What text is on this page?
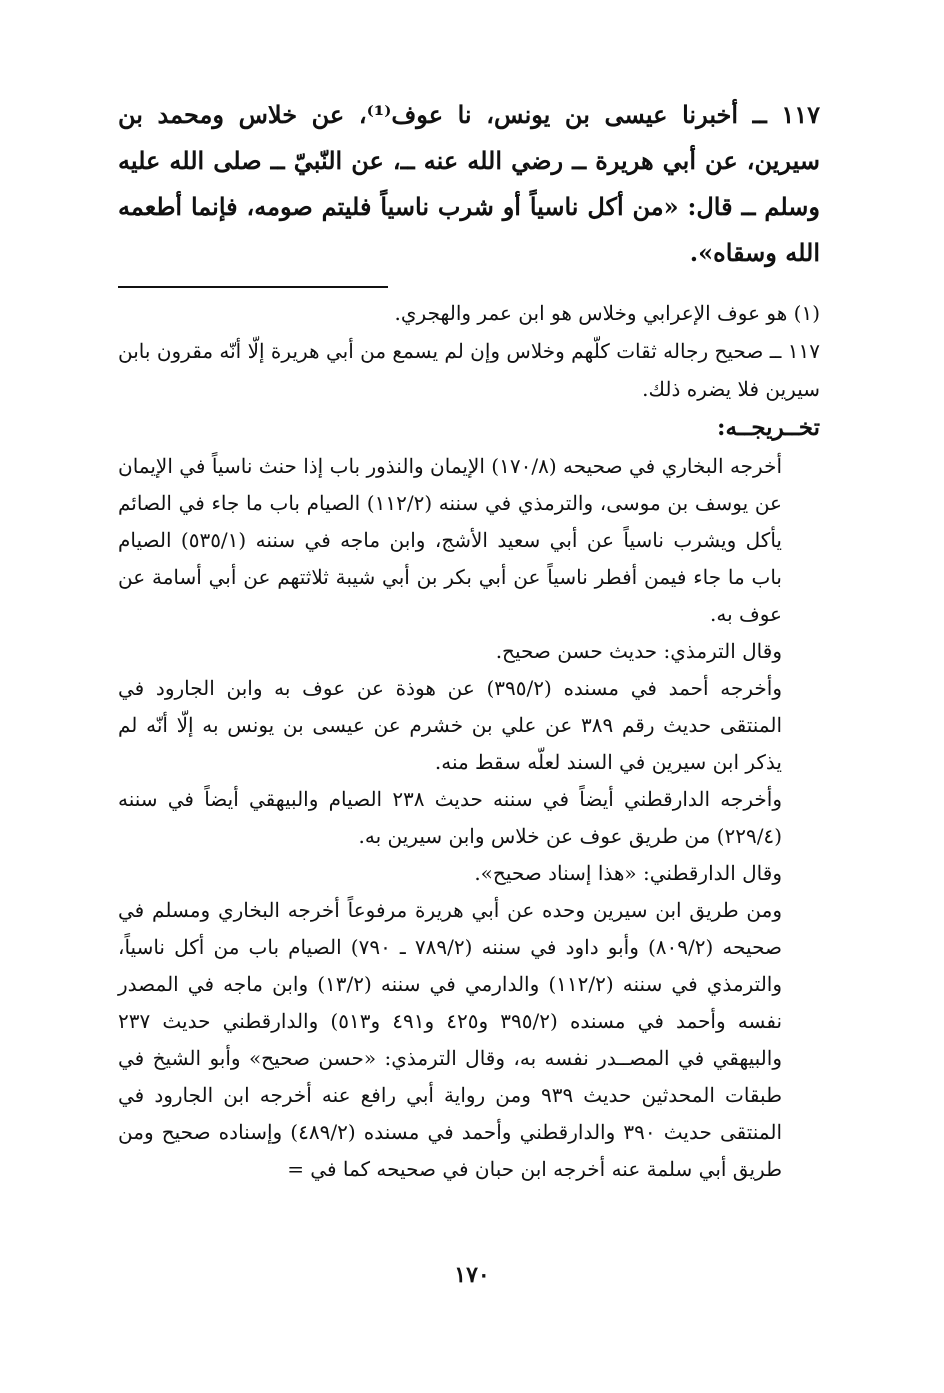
١١٧ ــ أخبرنا عيسى بن يونس، نا عوف⁽¹⁾، عن خلاس ومحمد بن سيرين، عن أبي هريرة ــ رضي الله عنه ــ، عن النّبيّ ــ صلى الله عليه وسلم ــ قال: «من أكل ناسياً أو شرب ناسياً فليتم صومه، فإنما أطعمه الله وسقاه».

(١) هو عوف الإعرابي وخلاس هو ابن عمر والهجري.

١١٧ ــ صحيح رجاله ثقات كلّهم وخلاس وإن لم يسمع من أبي هريرة إلّا أنّه مقرون بابن سيرين فلا يضره ذلك.

تخــريجــه:

أخرجه البخاري في صحيحه (١٧٠/٨) الإيمان والنذور باب إذا حنث ناسياً في الإيمان عن يوسف بن موسى، والترمذي في سننه (١١٢/٢) الصيام باب ما جاء في الصائم يأكل ويشرب ناسياً عن أبي سعيد الأشج، وابن ماجه في سننه (٥٣٥/١) الصيام باب ما جاء فيمن أفطر ناسياً عن أبي بكر بن أبي شيبة ثلاثتهم عن أبي أسامة عن عوف به.

وقال الترمذي: حديث حسن صحيح.

وأخرجه أحمد في مسنده (٣٩٥/٢) عن هوذة عن عوف به وابن الجارود في المنتقى حديث رقم ٣٨٩ عن علي بن خشرم عن عيسى بن يونس به إلّا أنّه لم يذكر ابن سيرين في السند لعلّه سقط منه.

وأخرجه الدارقطني أيضاً في سننه حديث ٢٣٨ الصيام والبيهقي أيضاً في سننه (٢٢٩/٤) من طريق عوف عن خلاس وابن سيرين به.

وقال الدارقطني: «هذا إسناد صحيح».

ومن طريق ابن سيرين وحده عن أبي هريرة مرفوعاً أخرجه البخاري ومسلم في صحيحه (٨٠٩/٢) وأبو داود في سننه (٧٨٩/٢ ـ ٧٩٠) الصيام باب من أكل ناسياً، والترمذي في سننه (١١٢/٢) والدارمي في سننه (١٣/٢) وابن ماجه في المصدر نفسه وأحمد في مسنده (٣٩٥/٢ و٤٢٥ و٤٩١ و٥١٣) والدارقطني حديث ٢٣٧ والبيهقي في المصــدر نفسه به، وقال الترمذي: «حسن صحيح» وأبو الشيخ في طبقات المحدثين حديث ٩٣٩ ومن رواية أبي رافع عنه أخرجه ابن الجارود في المنتقى حديث ٣٩٠ والدارقطني وأحمد في مسنده (٤٨٩/٢) وإسناده صحيح ومن طريق أبي سلمة عنه أخرجه ابن حبان في صحيحه كما في =

١٧٠
